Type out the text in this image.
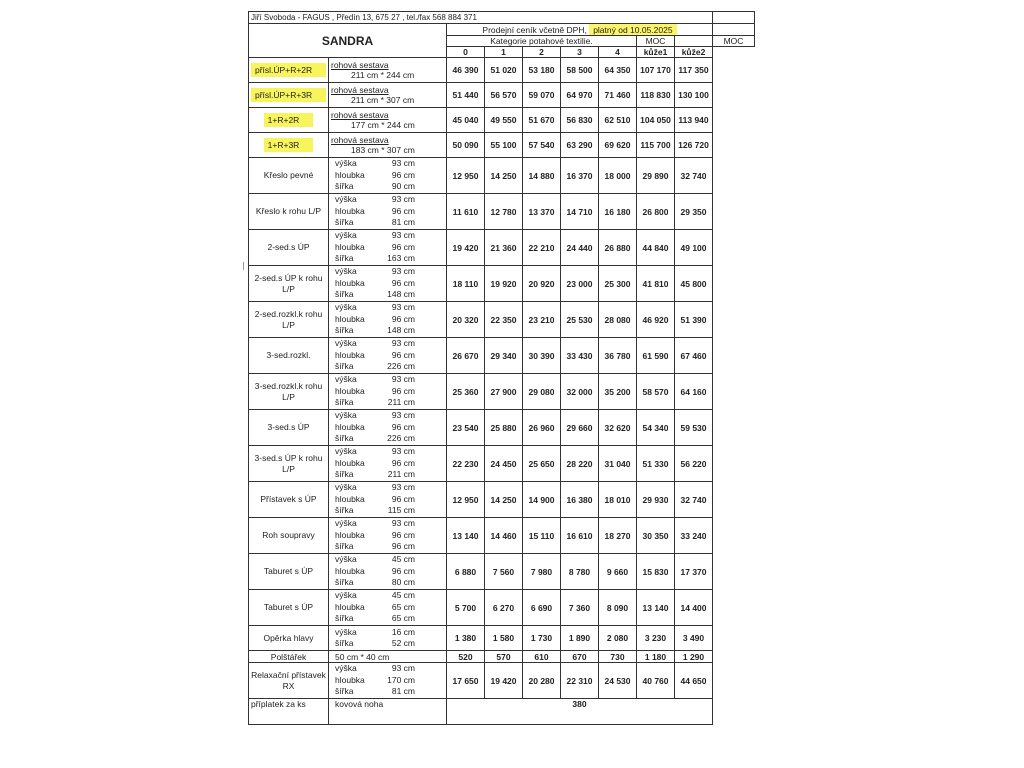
Jiří Svoboda - FAGUS , Předín 13, 675 27 , tel./fax 568 884 371									
SANDRA		Prodejní ceník včetně DPH, platný od 10.05.2025							
		Kategorie potahové textilie.					MOC		MOC
		0	1	2	3	4	kůže1	kůže2	
přísl.ÚP+R+2R	rohová sestava
211 cm * 244 cm	46 390	51 020	53 180	58 500	64 350	107 170	117 350	
přísl.ÚP+R+3R	rohová sestava
211 cm * 307 cm	51 440	56 570	59 070	64 970	71 460	118 830	130 100	
1+R+2R	rohová sestava
177 cm * 244 cm	45 040	49 550	51 670	56 830	62 510	104 050	113 940	
1+R+3R	rohová sestava
183 cm * 307 cm	50 090	55 100	57 540	63 290	69 620	115 700	126 720	
Křeslo pevné	výška 93 cm
hloubka 96 cm
šířka 90 cm	12 950	14 250	14 880	16 370	18 000	29 890	32 740	
Křeslo k rohu L/P	výška 93 cm
hloubka 96 cm
šířka 81 cm	11 610	12 780	13 370	14 710	16 180	26 800	29 350	
2-sed.s ÚP	výška 93 cm
hloubka 96 cm
šířka 163 cm	19 420	21 360	22 210	24 440	26 880	44 840	49 100	
2-sed.s ÚP k rohu L/P	výška 93 cm
hloubka 96 cm
šířka 148 cm	18 110	19 920	20 920	23 000	25 300	41 810	45 800	
2-sed.rozkl.k rohu L/P	výška 93 cm
hloubka 96 cm
šířka 148 cm	20 320	22 350	23 210	25 530	28 080	46 920	51 390	
3-sed.rozkl.	výška 93 cm
hloubka 96 cm
šířka 226 cm	26 670	29 340	30 390	33 430	36 780	61 590	67 460	
3-sed.rozkl.k rohu L/P	výška 93 cm
hloubka 96 cm
šířka 211 cm	25 360	27 900	29 080	32 000	35 200	58 570	64 160	
3-sed.s ÚP	výška 93 cm
hloubka 96 cm
šířka 226 cm	23 540	25 880	26 960	29 660	32 620	54 340	59 530	
3-sed.s ÚP k rohu L/P	výška 93 cm
hloubka 96 cm
šířka 211 cm	22 230	24 450	25 650	28 220	31 040	51 330	56 220	
Přístavek s ÚP	výška 93 cm
hloubka 96 cm
šířka 115 cm	12 950	14 250	14 900	16 380	18 010	29 930	32 740	
Roh soupravy	výška 93 cm
hloubka 96 cm
šířka 96 cm	13 140	14 460	15 110	16 610	18 270	30 350	33 240	
Taburet s ÚP	výška 45 cm
hloubka 96 cm
šířka 80 cm	6 880	7 560	7 980	8 780	9 660	15 830	17 370	
Taburet s ÚP	výška 45 cm
hloubka 65 cm
šířka 65 cm	5 700	6 270	6 690	7 360	8 090	13 140	14 400	
Opěrka hlavy	výška 16 cm
šířka 52 cm	1 380	1 580	1 730	1 890	2 080	3 230	3 490	
Polštářek	50 cm * 40 cm	520	570	610	670	730	1 180	1 290	
Relaxační přístavek RX	výška 93 cm
hloubka 170 cm
šířka 81 cm	17 650	19 420	20 280	22 310	24 530	40 760	44 650	
příplatek za ks	kovová noha	380							
